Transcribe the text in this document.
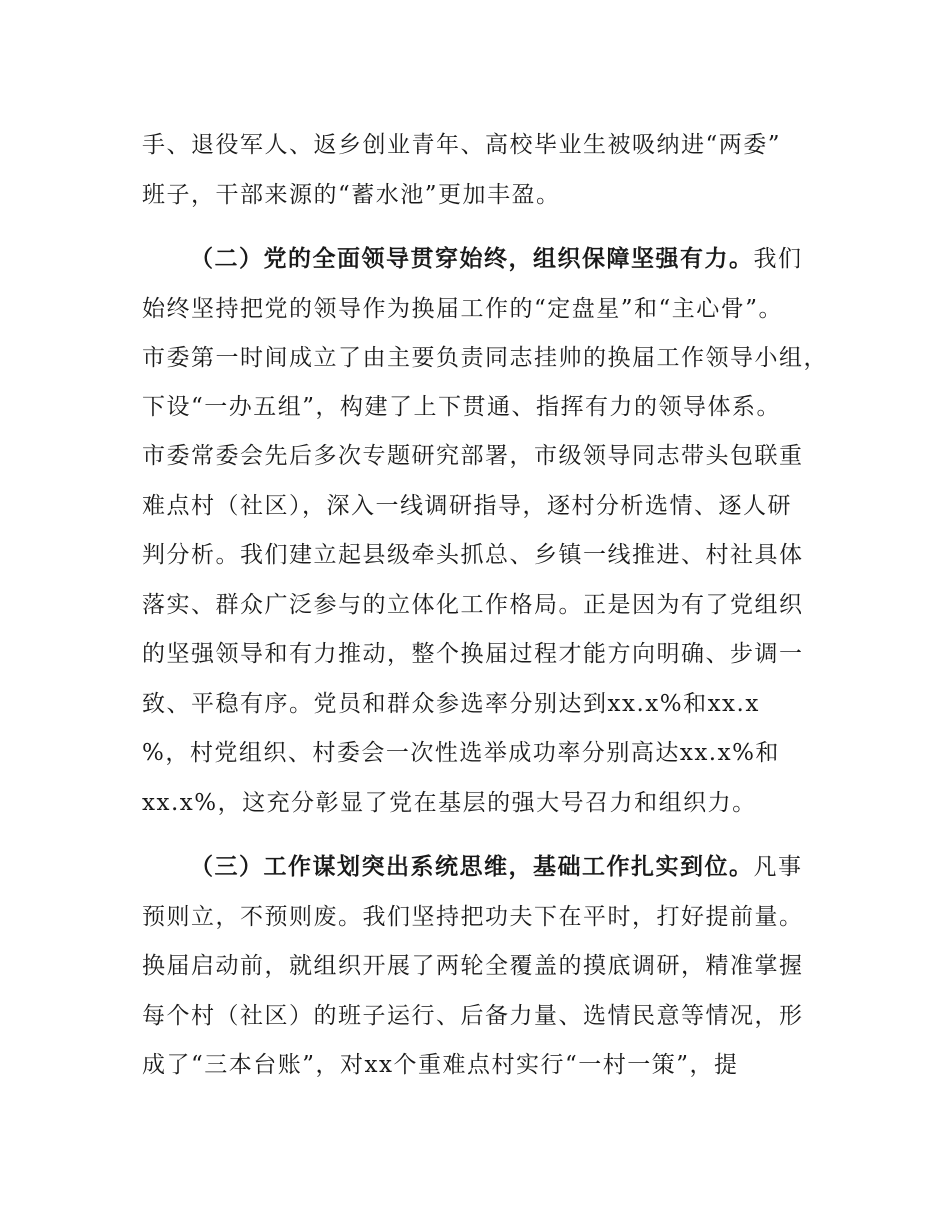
手、退役军人、返乡创业青年、高校毕业生被吸纳进“两委”
班子，干部来源的“蓄水池”更加丰盈。
（二）党的全面领导贯穿始终，组织保障坚强有力。我们
始终坚持把党的领导作为换届工作的“定盘星”和“主心骨”。
市委第一时间成立了由主要负责同志挂帅的换届工作领导小组，
下设“一办五组”，构建了上下贯通、指挥有力的领导体系。
市委常委会先后多次专题研究部署，市级领导同志带头包联重
难点村（社区），深入一线调研指导，逐村分析选情、逐人研
判分析。我们建立起县级牵头抓总、乡镇一线推进、村社具体
落实、群众广泛参与的立体化工作格局。正是因为有了党组织
的坚强领导和有力推动，整个换届过程才能方向明确、步调一
致、平稳有序。党员和群众参选率分别达到xx.x%和xx.x
%，村党组织、村委会一次性选举成功率分别高达xx.x%和
xx.x%，这充分彰显了党在基层的强大号召力和组织力。
（三）工作谋划突出系统思维，基础工作扎实到位。凡事
预则立，不预则废。我们坚持把功夫下在平时，打好提前量。
换届启动前，就组织开展了两轮全覆盖的摸底调研，精准掌握
每个村（社区）的班子运行、后备力量、选情民意等情况，形
成了“三本台账”，对xx个重难点村实行“一村一策”，提
